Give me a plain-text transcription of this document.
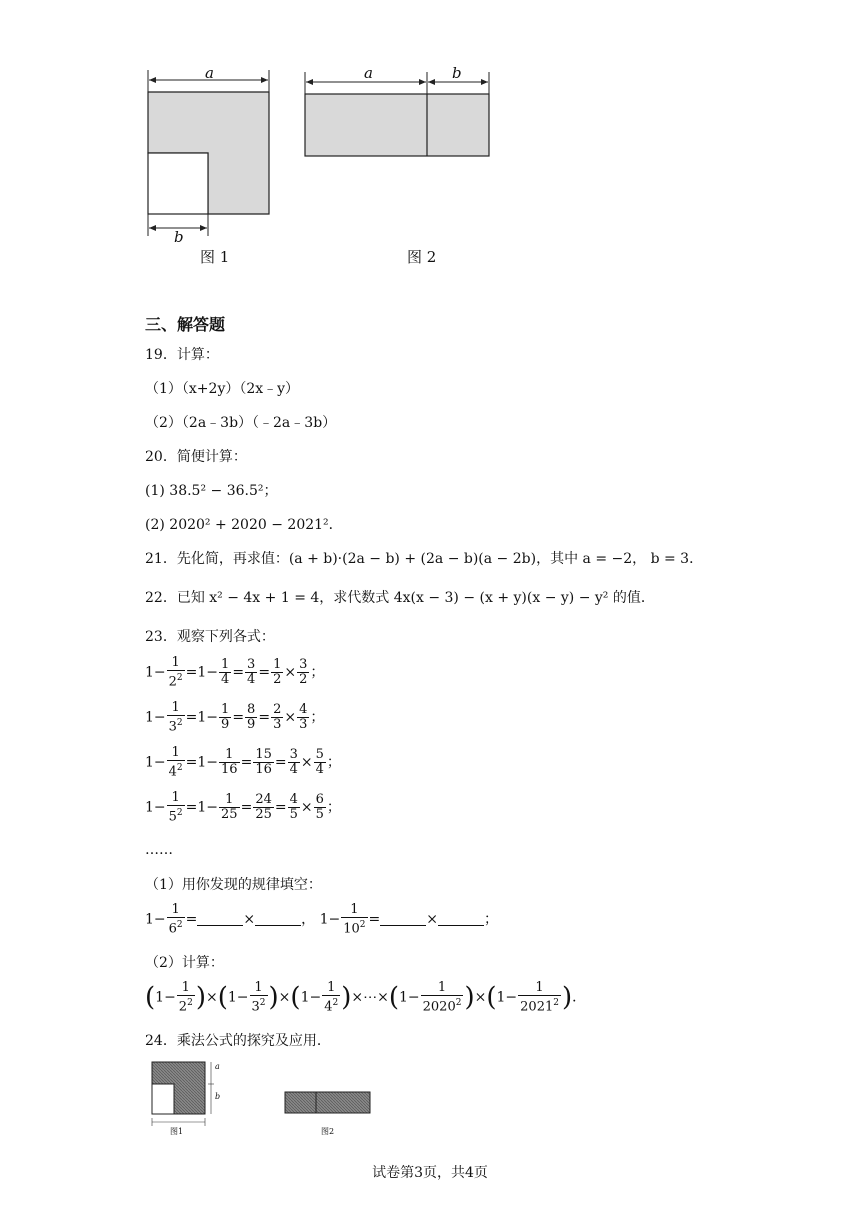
a
b
图 1
a	b
图 2
三、解答题
19．计算：
（1）（x+2y）（2x﹣y）
（2）（2a﹣3b）（﹣2a﹣3b）
20．简便计算：
(1) 38.5² − 36.5²；
(2) 2020² + 2020 − 2021²．
21．先化简，再求值：(a + b)·(2a − b) + (2a − b)(a − 2b)，其中 a = −2， b = 3．
22．已知 x² − 4x + 1 = 4，求代数式 4x(x − 3) − (x + y)(x − y) − y² 的值．
23．观察下列各式：
$1- \frac{1}{2^2} =1- \frac{1}{4} = \frac{3}{4} = \frac{1}{2} \times \frac{3}{2}$ ；
$1- \frac{1}{3^2} =1- \frac{1}{9} = \frac{8}{9} = \frac{2}{3} \times \frac{4}{3}$ ；
$1- \frac{1}{4^2} =1- \frac{1}{16} = \frac{15}{16} = \frac{3}{4} \times \frac{5}{4}$ ；
$1- \frac{1}{5^2} =1- \frac{1}{25} = \frac{24}{25} = \frac{4}{5} \times \frac{6}{5}$ ；
……
（1）用你发现的规律填空：
$1- \frac{1}{6^2}$ =	×	， $1- \frac{1}{10^2}$ =	×	；
（2）计算：
$(1- \frac{1}{2^2} )\times(1- \frac{1}{3^2} )\times(1- \frac{1}{4^2}$ )×⋯×(1− $\frac{1}{2020^2} )\times(1- \frac{1}{2021^2}$ )．
24．乘法公式的探究及应用．
a
b
图1	图2
试卷第3页，共4页
